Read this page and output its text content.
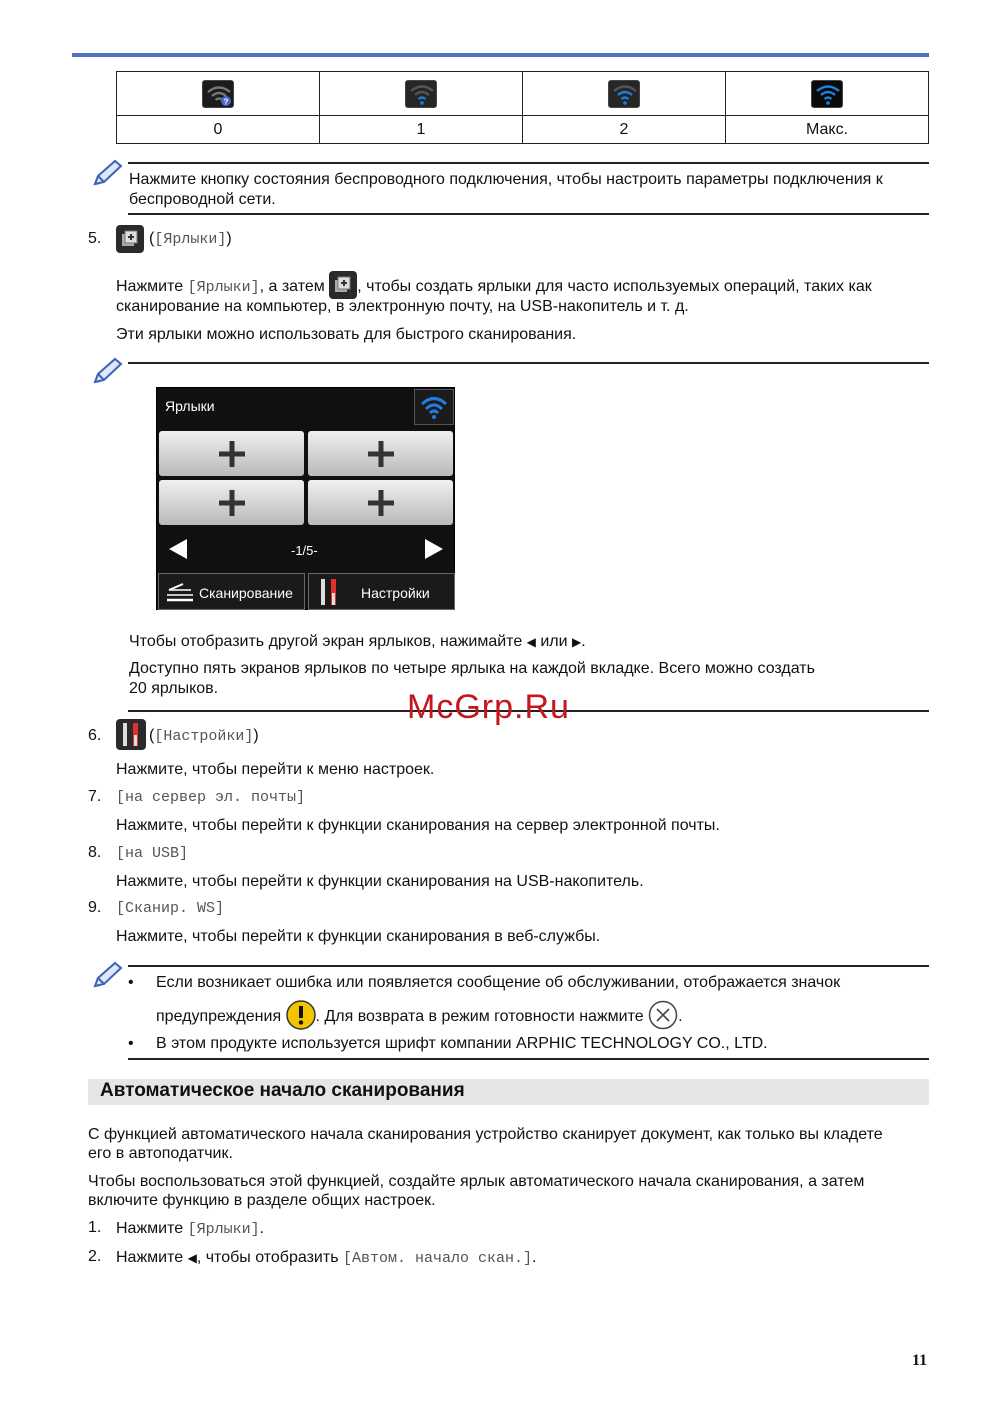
?

0	1	2	Макс.
Нажмите кнопку состояния беспроводного подключения, чтобы настроить параметры подключения к беспроводной сети.
5.	([Ярлыки])
Нажмите [Ярлыки], а затем , чтобы создать ярлыки для часто используемых операций, таких как
сканирование на компьютер, в электронную почту, на USB-накопитель и т. д.
Эти ярлыки можно использовать для быстрого сканирования.
Ярлыки
-1/5-
Сканирование	Настройки
Чтобы отобразить другой экран ярлыков, нажимайте ◀ или ▶.
Доступно пять экранов ярлыков по четыре ярлыка на каждой вкладке. Всего можно создать
20 ярлыков.	McGrp.Ru
6.	([Настройки])
Нажмите, чтобы перейти к меню настроек.
7. [на сервер эл. почты]
Нажмите, чтобы перейти к функции сканирования на сервер электронной почты.
8. [на USB]
Нажмите, чтобы перейти к функции сканирования на USB-накопитель.
9. [Сканир. WS]
Нажмите, чтобы перейти к функции сканирования в веб-службы.
• Если возникает ошибка или появляется сообщение об обслуживании, отображается значок
предупреждения . Для возврата в режим готовности нажмите .
• В этом продукте используется шрифт компании ARPHIC TECHNOLOGY CO., LTD.
Автоматическое начало сканирования
С функцией автоматического начала сканирования устройство сканирует документ, как только вы кладете
его в автоподатчик.
Чтобы воспользоваться этой функцией, создайте ярлык автоматического начала сканирования, а затем
включите функцию в разделе общих настроек.
1. Нажмите [Ярлыки].
2. Нажмите ◀, чтобы отобразить [Автом. начало скан.].
11
